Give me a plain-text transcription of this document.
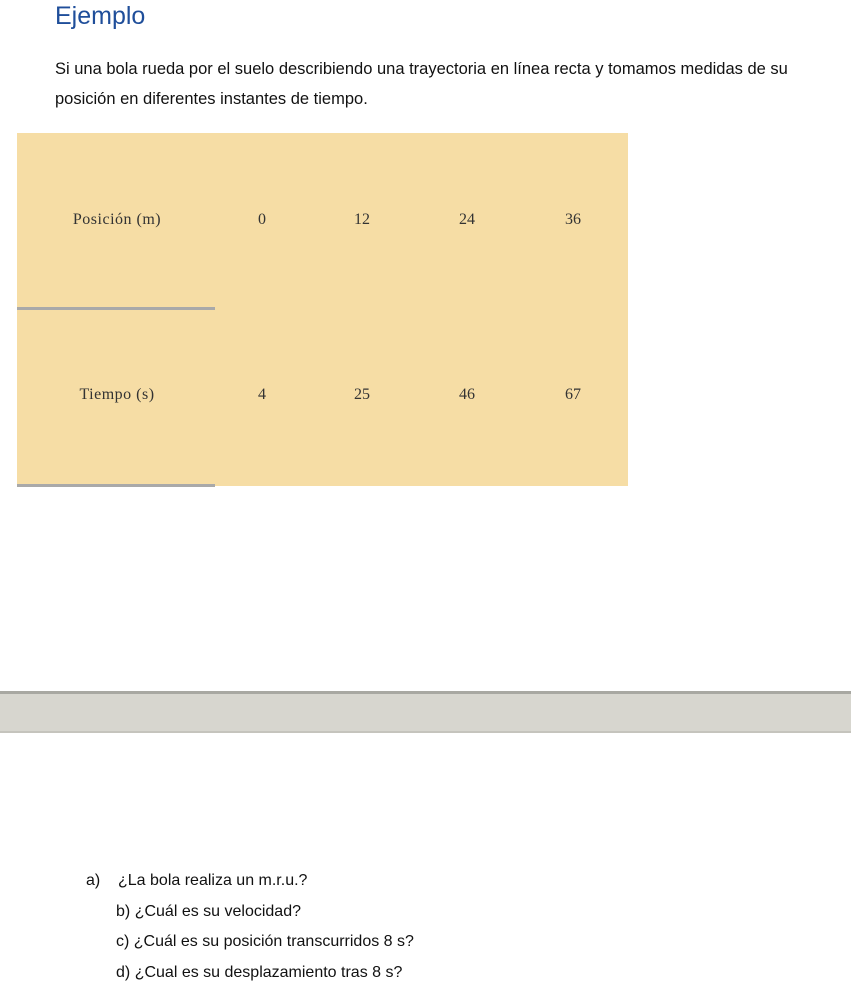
Ejemplo

Si una bola rueda por el suelo describiendo una trayectoria en línea recta y tomamos medidas de su posición en diferentes instantes de tiempo.

Posición (m)	0	12	24	36
Tiempo (s)	4	25	46	67
a) ¿La bola realiza un m.r.u.?
b) ¿Cuál es su velocidad?
c) ¿Cuál es su posición transcurridos 8 s?
d) ¿Cual es su desplazamiento tras 8 s?
